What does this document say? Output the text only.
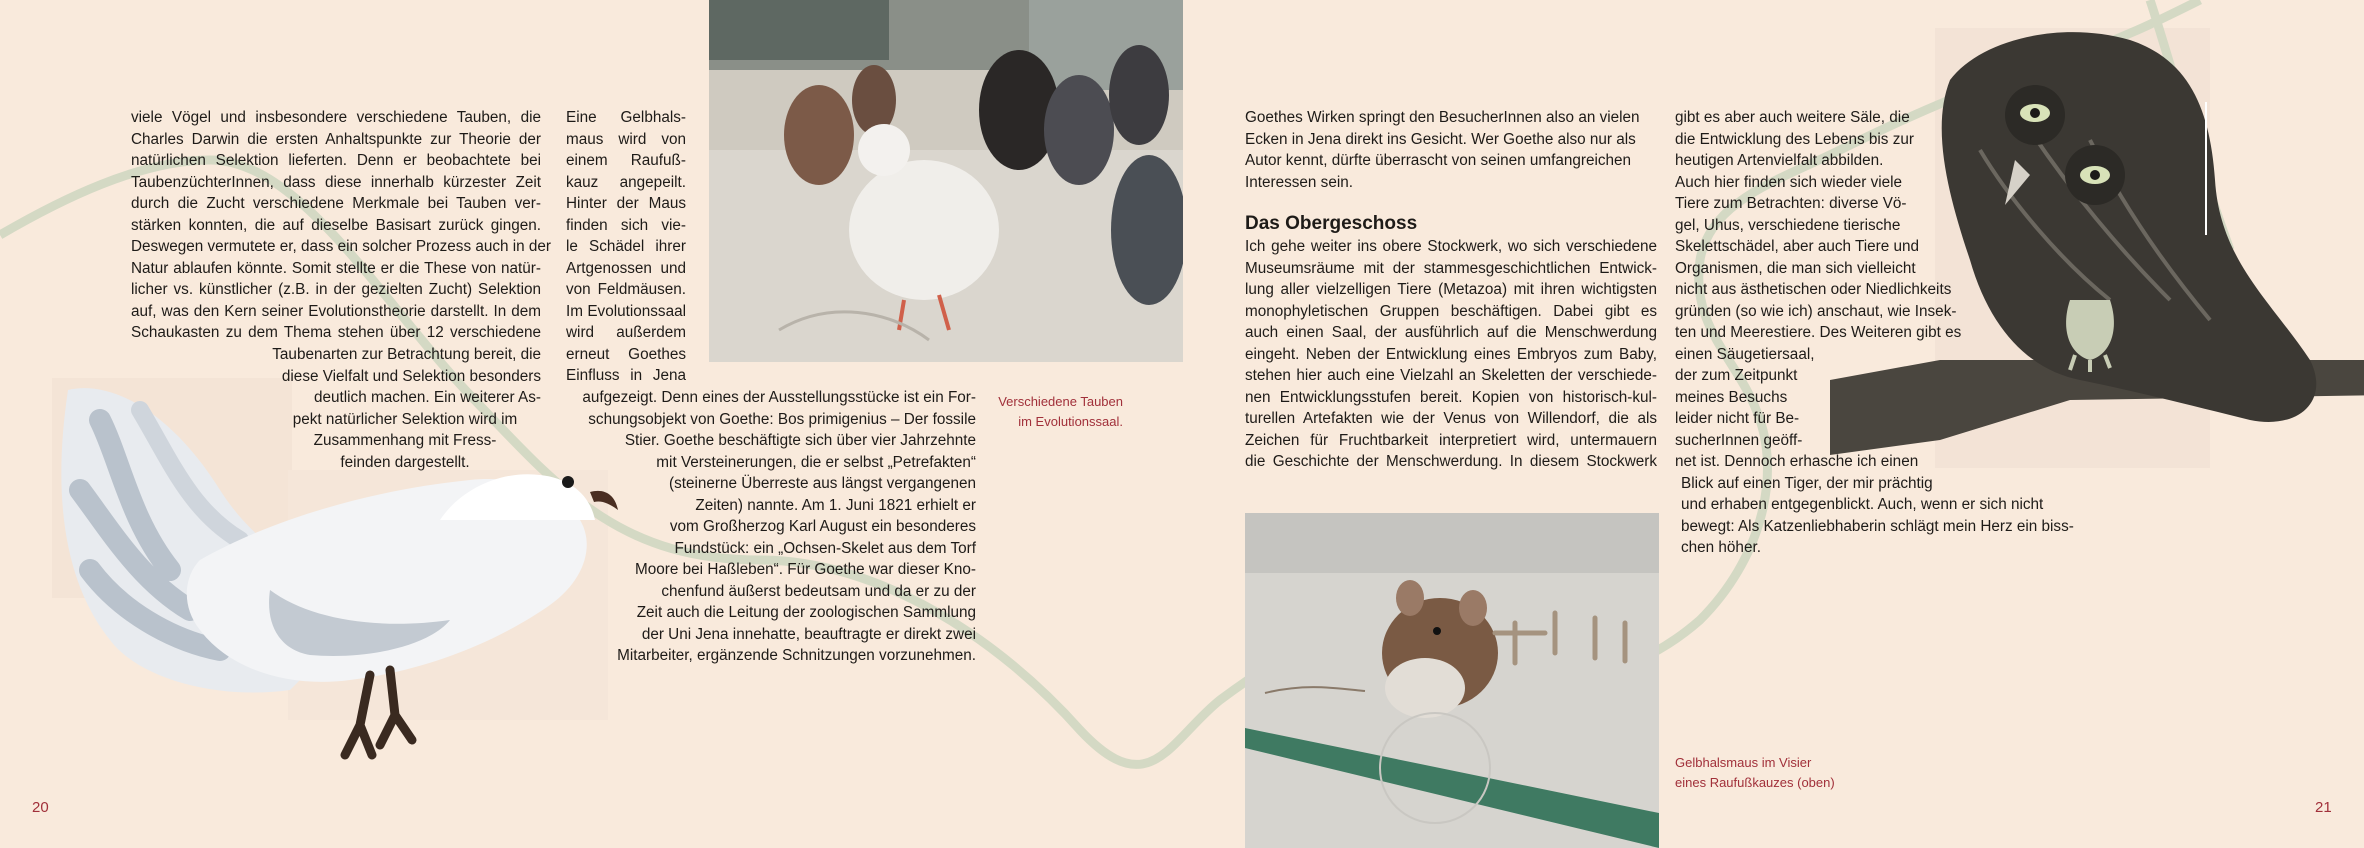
viele Vögel und insbesondere verschiedene Tauben, die
Charles Darwin die ersten Anhaltspunkte zur Theorie der
natürlichen Selektion lieferten. Denn er beobachtete bei
TaubenzüchterInnen, dass diese innerhalb kürzester Zeit
durch die Zucht verschiedene Merkmale bei Tauben ver-
stärken konnten, die auf dieselbe Basisart zurück gingen.
Deswegen vermutete er, dass ein solcher Prozess auch in der
Natur ablaufen könnte. Somit stellte er die These von natür-
licher vs. künstlicher (z.B. in der gezielten Zucht) Selektion
auf, was den Kern seiner Evolutionstheorie darstellt. In dem
Schaukasten zu dem Thema stehen über 12 verschiedene
Taubenarten zur Betrachtung bereit, die
diese Vielfalt und Selektion besonders
deutlich machen. Ein weiterer As-
pekt natürlicher Selektion wird im
Zusammenhang mit Fress-
feinden dargestellt.
Eine Gelbhals-
maus wird von
einem Raufuß-
kauz angepeilt.
Hinter der Maus
finden sich vie-
le Schädel ihrer
Artgenossen und
von Feldmäusen.
Im Evolutionssaal
wird außerdem
erneut Goethes
Einfluss in Jena
aufgezeigt. Denn eines der Ausstellungsstücke ist ein For-
schungsobjekt von Goethe: Bos primigenius – Der fossile
Stier. Goethe beschäftigte sich über vier Jahrzehnte
mit Versteinerungen, die er selbst „Petrefakten“
(steinerne Überreste aus längst vergangenen
Zeiten) nannte. Am 1. Juni 1821 erhielt er
vom Großherzog Karl August ein besonderes
Fundstück: ein „Ochsen-Skelet aus dem Torf
Moore bei Haßleben“. Für Goethe war dieser Kno-
chenfund äußerst bedeutsam und da er zu der
Zeit auch die Leitung der zoologischen Sammlung
der Uni Jena innehatte, beauftragte er direkt zwei
Mitarbeiter, ergänzende Schnitzungen vorzunehmen.
Verschiedene Tauben
im Evolutionssaal.
20
Goethes Wirken springt den BesucherInnen also an vielen
Ecken in Jena direkt ins Gesicht. Wer Goethe also nur als
Autor kennt, dürfte überrascht von seinen umfangreichen
Interessen sein.
Das Obergeschoss
Ich gehe weiter ins obere Stockwerk, wo sich verschiedene
Museumsräume mit der stammesgeschichtlichen Entwick-
lung aller vielzelligen Tiere (Metazoa) mit ihren wichtigsten
monophyletischen Gruppen beschäftigen. Dabei gibt es
auch einen Saal, der ausführlich auf die Menschwerdung
eingeht. Neben der Entwicklung eines Embryos zum Baby,
stehen hier auch eine Vielzahl an Skeletten der verschiede-
nen Entwicklungsstufen bereit. Kopien von historisch-kul-
turellen Artefakten wie der Venus von Willendorf, die als
Zeichen für Fruchtbarkeit interpretiert wird, untermauern
die Geschichte der Menschwerdung. In diesem Stockwerk
gibt es aber auch weitere Säle, die
die Entwicklung des Lebens bis zur
heutigen Artenvielfalt abbilden.
Auch hier finden sich wieder viele
Tiere zum Betrachten: diverse Vö-
gel, Uhus, verschiedene tierische
Skelettschädel, aber auch Tiere und
Organismen, die man sich vielleicht
nicht aus ästhetischen oder Niedlichkeits
gründen (so wie ich) anschaut, wie Insek-
ten und Meerestiere. Des Weiteren gibt es
einen Säugetiersaal,
der zum Zeitpunkt
meines Besuchs
leider nicht für Be-
sucherInnen geöff-
net ist. Dennoch erhasche ich einen
Blick auf einen Tiger, der mir prächtig
und erhaben entgegenblickt. Auch, wenn er sich nicht
bewegt: Als Katzenliebhaberin schlägt mein Herz ein biss-
chen höher.
Gelbhalsmaus im Visier
eines Raufußkauzes (oben)
21
